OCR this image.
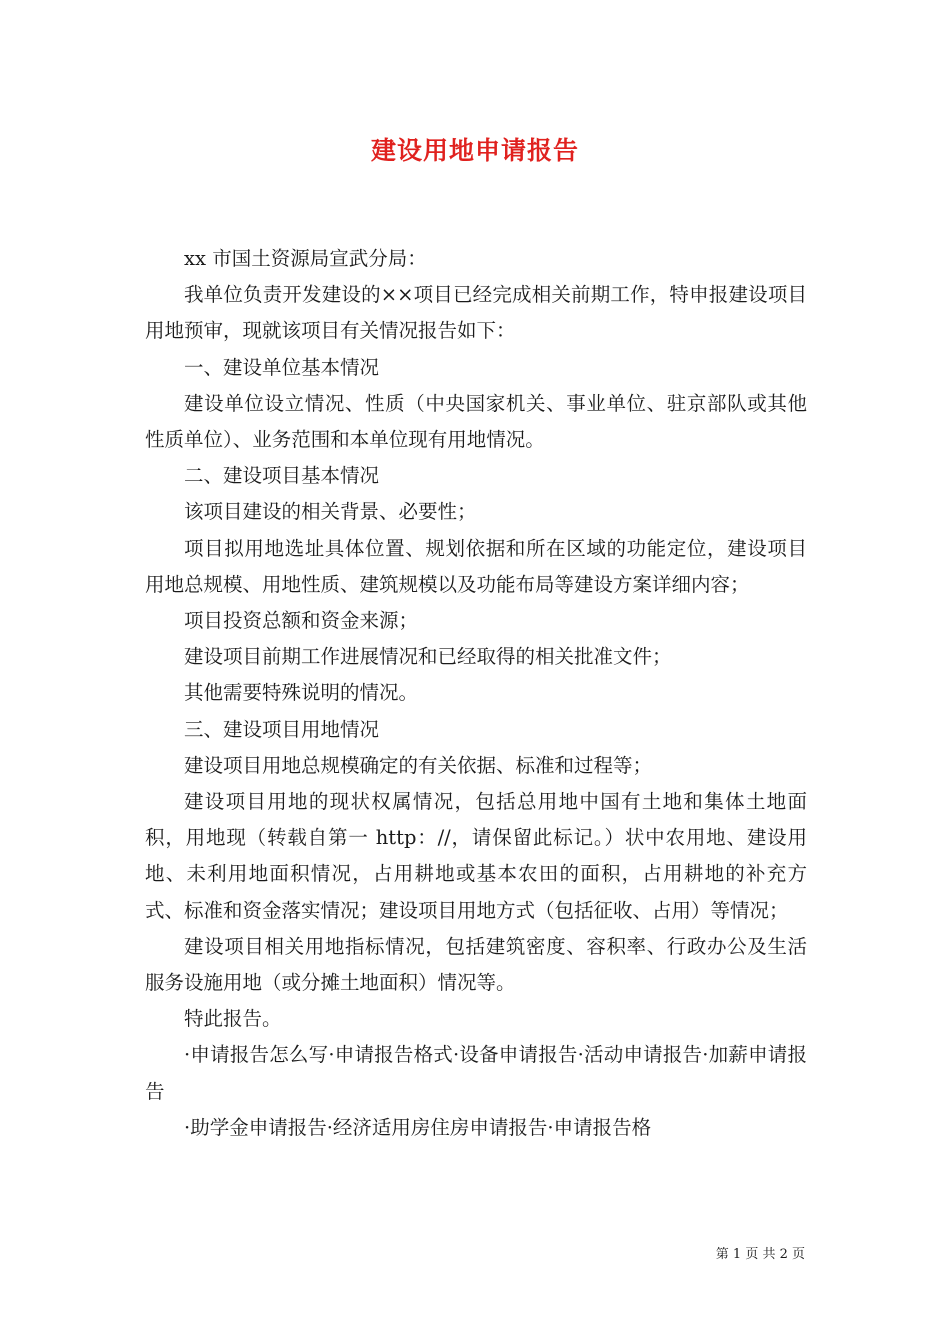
建设用地申请报告

xx 市国土资源局宣武分局：

我单位负责开发建设的××项目已经完成相关前期工作，特申报建设项目用地预审，现就该项目有关情况报告如下：

一、建设单位基本情况

建设单位设立情况、性质（中央国家机关、事业单位、驻京部队或其他性质单位）、业务范围和本单位现有用地情况。

二、建设项目基本情况

该项目建设的相关背景、必要性；

项目拟用地选址具体位置、规划依据和所在区域的功能定位，建设项目用地总规模、用地性质、建筑规模以及功能布局等建设方案详细内容；

项目投资总额和资金来源；

建设项目前期工作进展情况和已经取得的相关批准文件；

其他需要特殊说明的情况。

三、建设项目用地情况

建设项目用地总规模确定的有关依据、标准和过程等；

建设项目用地的现状权属情况，包括总用地中国有土地和集体土地面积，用地现（转载自第一 http：//，请保留此标记。）状中农用地、建设用地、未利用地面积情况，占用耕地或基本农田的面积，占用耕地的补充方式、标准和资金落实情况；建设项目用地方式（包括征收、占用）等情况；

建设项目相关用地指标情况，包括建筑密度、容积率、行政办公及生活服务设施用地（或分摊土地面积）情况等。

特此报告。

·申请报告怎么写·申请报告格式·设备申请报告·活动申请报告·加薪申请报告

·助学金申请报告·经济适用房住房申请报告·申请报告格

第 1 页 共 2 页
